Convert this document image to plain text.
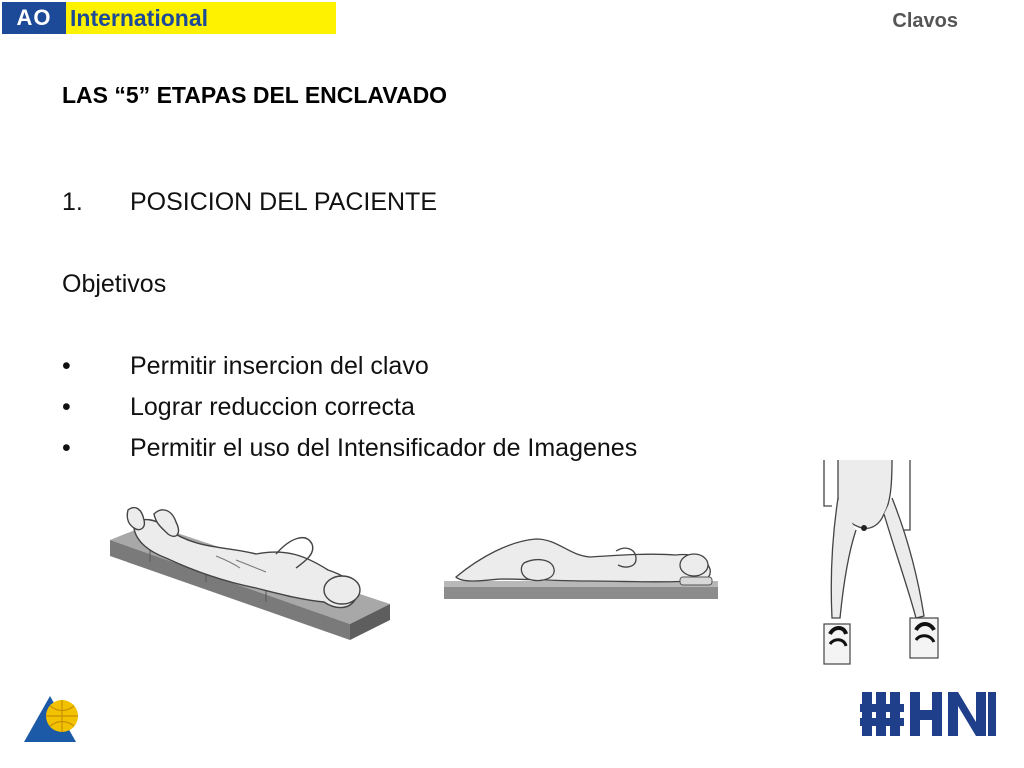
AO International	Clavos
LAS “5” ETAPAS DEL ENCLAVADO
1. POSICION DEL PACIENTE
Objetivos
•	Permitir insercion del clavo
•	Lograr reduccion correcta
•	Permitir el uso del Intensificador de Imagenes
